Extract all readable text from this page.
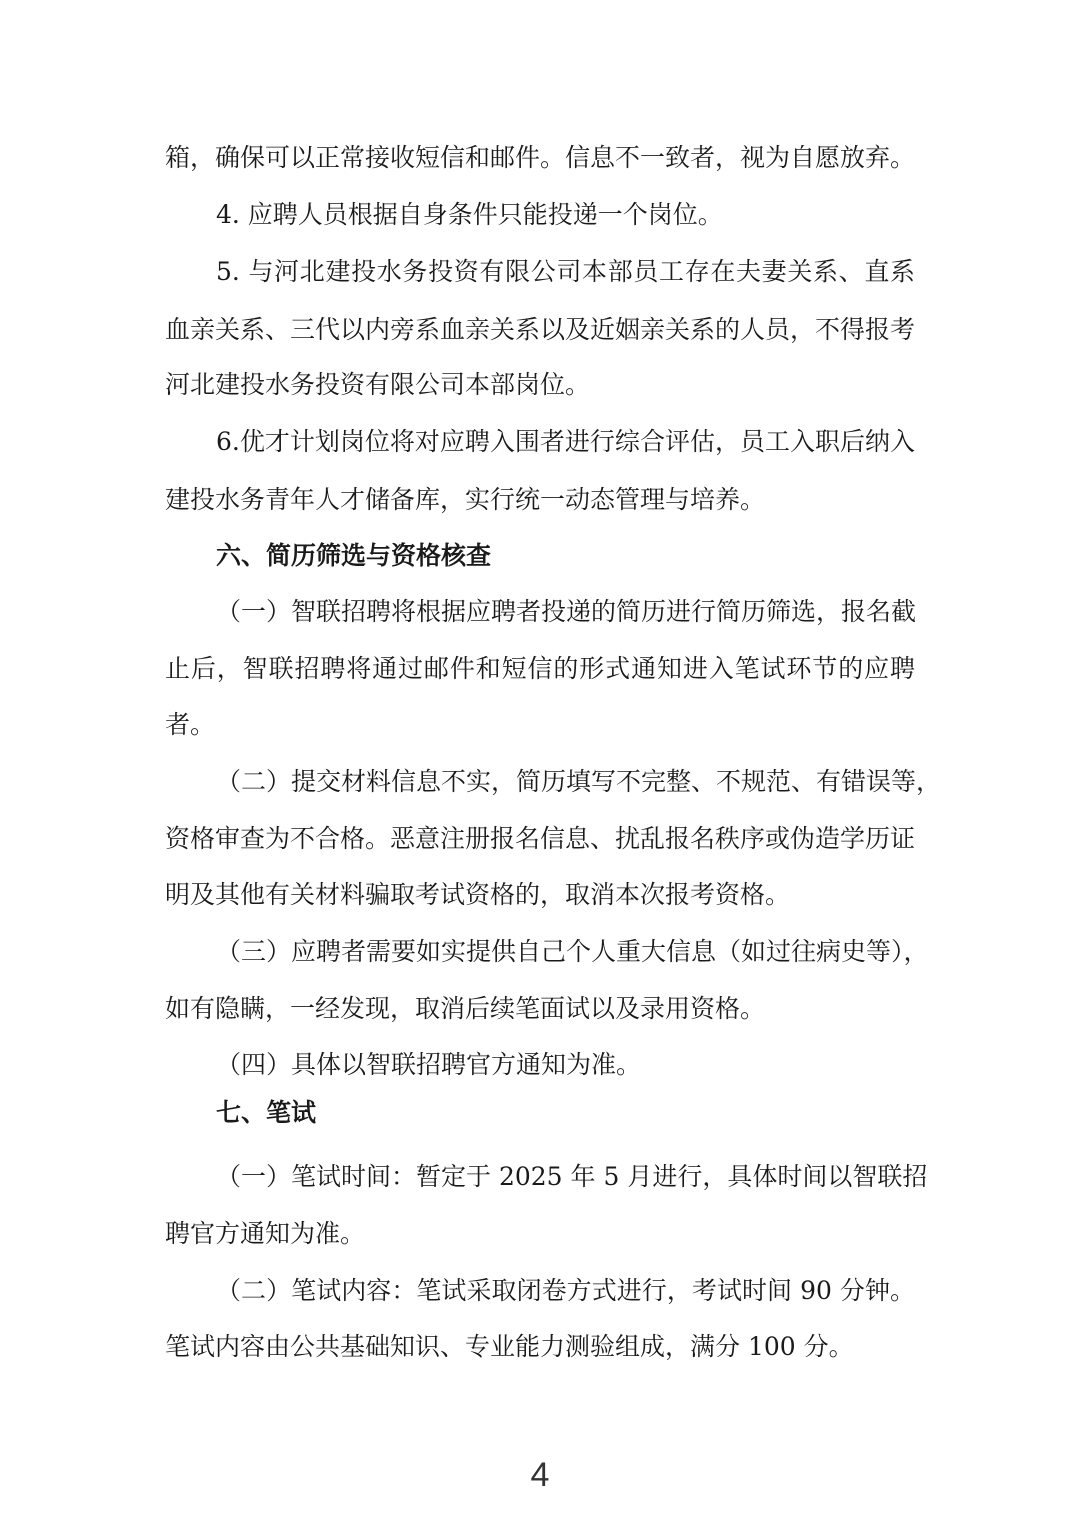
箱，确保可以正常接收短信和邮件。信息不一致者，视为自愿放弃。

4. 应聘人员根据自身条件只能投递一个岗位。

5. 与河北建投水务投资有限公司本部员工存在夫妻关系、直系

血亲关系、三代以内旁系血亲关系以及近姻亲关系的人员，不得报考

河北建投水务投资有限公司本部岗位。

6.优才计划岗位将对应聘入围者进行综合评估，员工入职后纳入

建投水务青年人才储备库，实行统一动态管理与培养。

六、简历筛选与资格核查

（一）智联招聘将根据应聘者投递的简历进行简历筛选，报名截

止后，智联招聘将通过邮件和短信的形式通知进入笔试环节的应聘

者。

（二）提交材料信息不实，简历填写不完整、不规范、有错误等，

资格审查为不合格。恶意注册报名信息、扰乱报名秩序或伪造学历证

明及其他有关材料骗取考试资格的，取消本次报考资格。

（三）应聘者需要如实提供自己个人重大信息（如过往病史等），

如有隐瞒，一经发现，取消后续笔面试以及录用资格。

（四）具体以智联招聘官方通知为准。

七、笔试

（一）笔试时间：暂定于 2025 年 5 月进行，具体时间以智联招

聘官方通知为准。

（二）笔试内容：笔试采取闭卷方式进行，考试时间 90 分钟。

笔试内容由公共基础知识、专业能力测验组成，满分 100 分。

4
